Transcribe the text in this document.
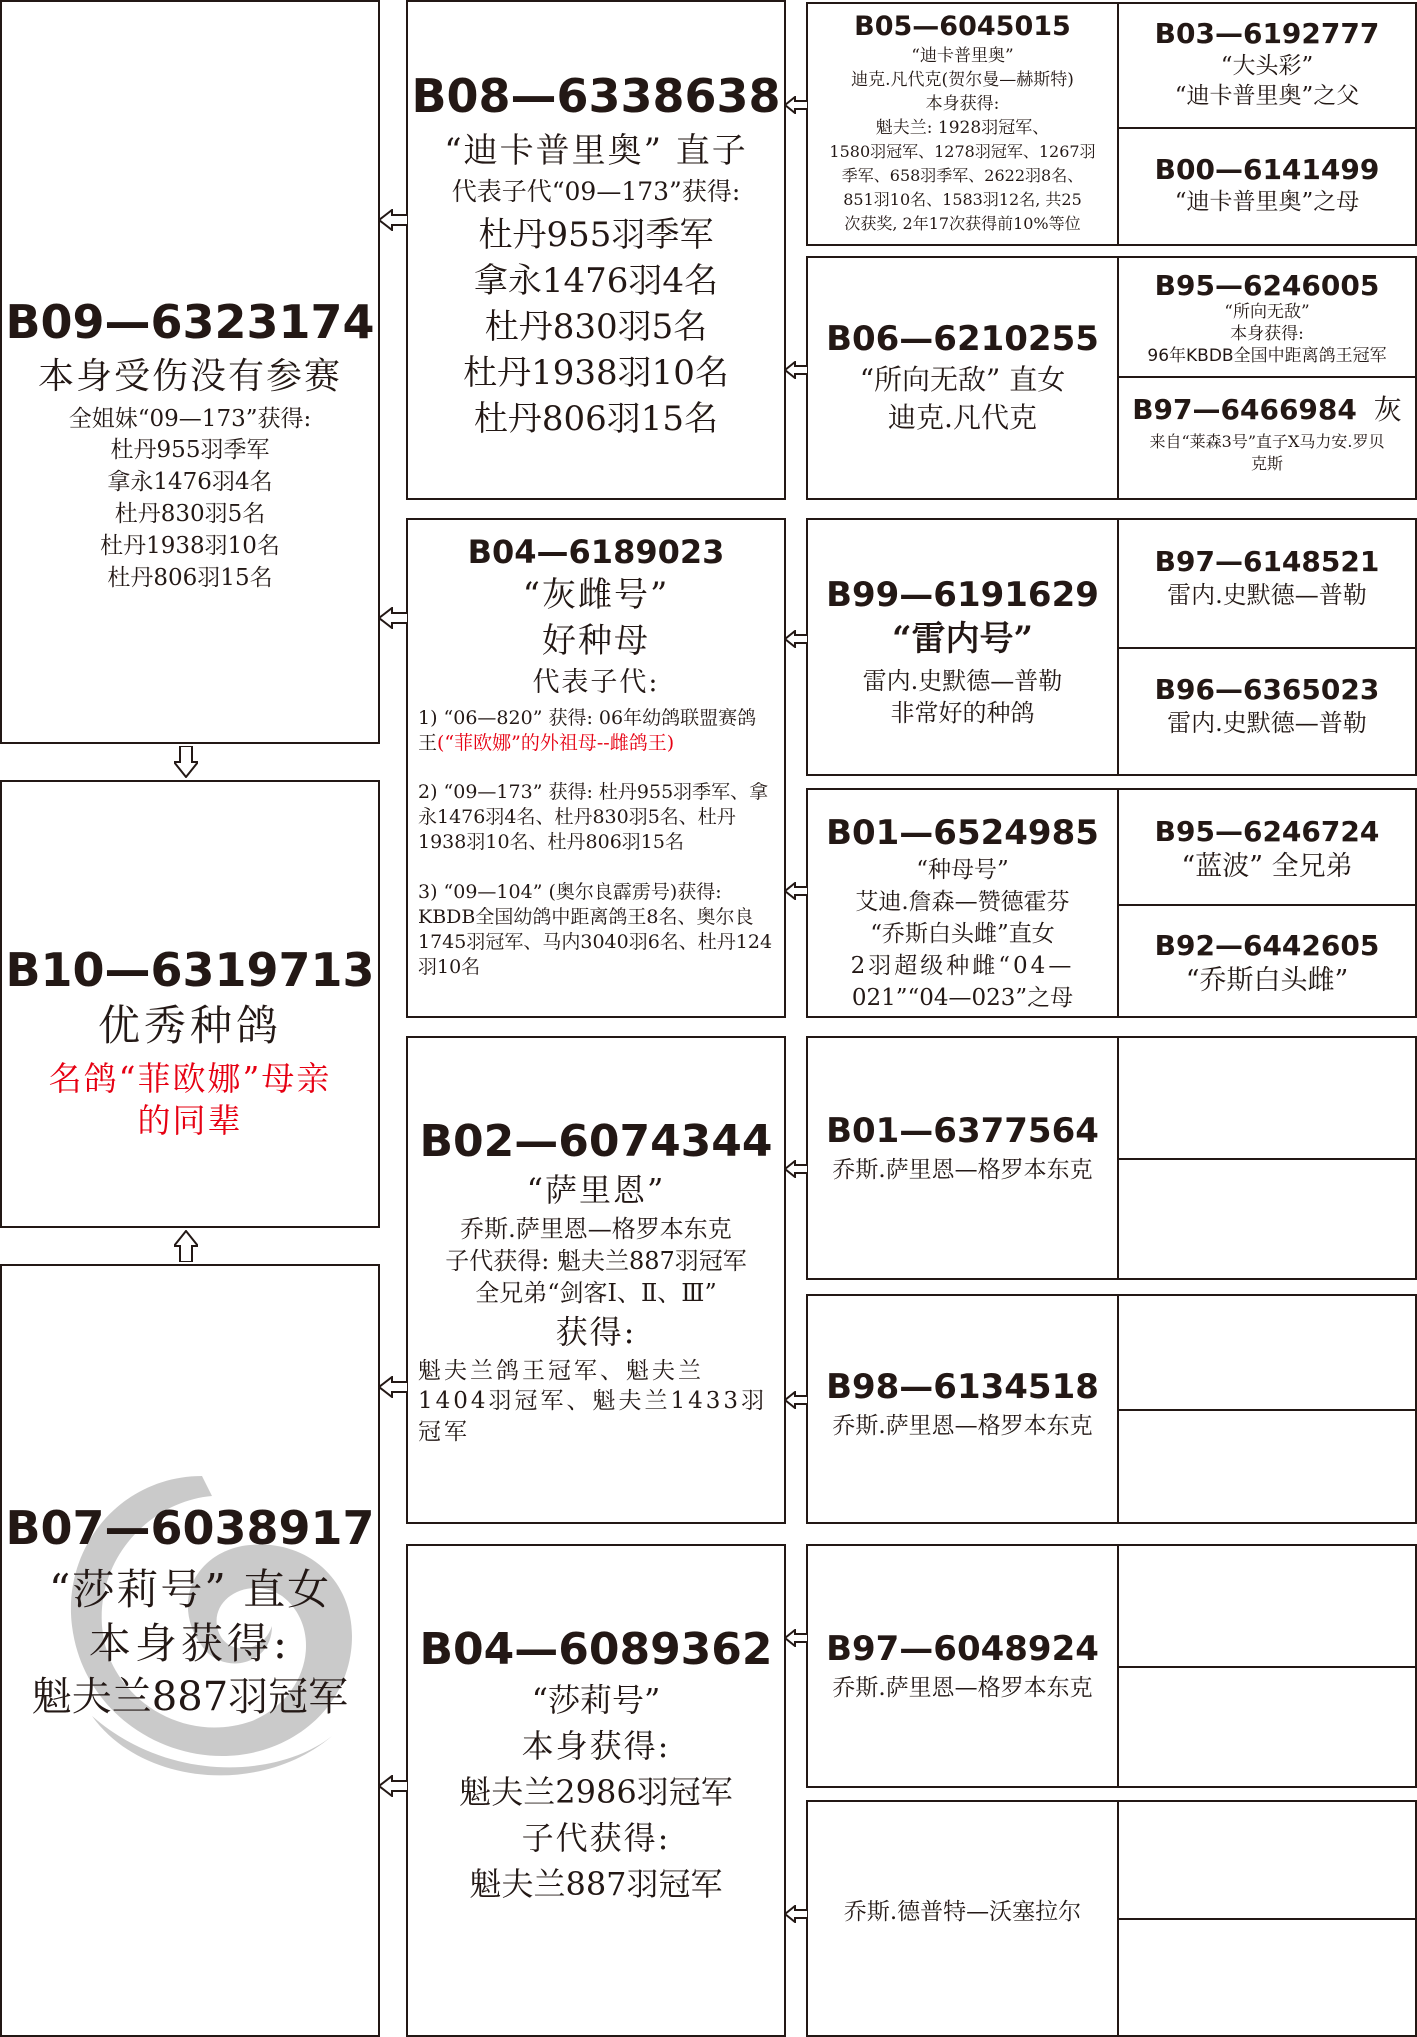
B09—6323174
本身受伤没有参赛
全姐妹“09—173”获得:
杜丹955羽季军
拿永1476羽4名
杜丹830羽5名
杜丹1938羽10名
杜丹806羽15名
B10—6319713
优秀种鸽
名鸽“菲欧娜”母亲
的同辈
B07—6038917
“莎莉号” 直女
本身获得:
魁夫兰887羽冠军
B08—6338638
“迪卡普里奥” 直子
代表子代“09—173”获得:
杜丹955羽季军
拿永1476羽4名
杜丹830羽5名
杜丹1938羽10名
杜丹806羽15名
B04—6189023
“灰雌号”
好种母
代表子代:
1) “06—820” 获得: 06年幼鸽联盟赛鸽王(“菲欧娜”的外祖母--雌鸽王)
2) “09—173” 获得: 杜丹955羽季军、拿永1476羽4名、杜丹830羽5名、杜丹1938羽10名、杜丹806羽15名
3) “09—104” (奥尔良霹雳号)获得: KBDB全国幼鸽中距离鸽王8名、奥尔良1745羽冠军、马内3040羽6名、杜丹124羽10名
B02—6074344
“萨里恩”
乔斯.萨里恩—格罗本东克
子代获得: 魁夫兰887羽冠军
全兄弟“剑客Ⅰ、Ⅱ、Ⅲ”
获得:
魁夫兰鸽王冠军、魁夫兰1404羽冠军、魁夫兰1433羽冠军
B04—6089362
“莎莉号”
本身获得:
魁夫兰2986羽冠军
子代获得:
魁夫兰887羽冠军
B05—6045015
“迪卡普里奥”
迪克.凡代克(贺尔曼—赫斯特)
本身获得:
魁夫兰: 1928羽冠军、
1580羽冠军、1278羽冠军、1267羽
季军、658羽季军、2622羽8名、
851羽10名、1583羽12名, 共25
次获奖, 2年17次获得前10%等位
B03—6192777
“大头彩”
“迪卡普里奥”之父
B00—6141499
“迪卡普里奥”之母
B06—6210255
“所向无敌” 直女
迪克.凡代克
B95—6246005
“所向无敌”
本身获得:
96年KBDB全国中距离鸽王冠军
B97—6466984 灰
来自“莱森3号”直子X马力安.罗贝
克斯
B99—6191629
“雷内号”
雷内.史默德—普勒
非常好的种鸽
B97—6148521
雷内.史默德—普勒
B96—6365023
雷内.史默德—普勒
B01—6524985
“种母号”
艾迪.詹森—赞德霍芬
“乔斯白头雌”直女
2羽超级种雌“04—
021”“04—023”之母
B95—6246724
“蓝波” 全兄弟
B92—6442605
“乔斯白头雌”
B01—6377564
乔斯.萨里恩—格罗本东克
B98—6134518
乔斯.萨里恩—格罗本东克
B97—6048924
乔斯.萨里恩—格罗本东克
乔斯.德普特—沃塞拉尔
